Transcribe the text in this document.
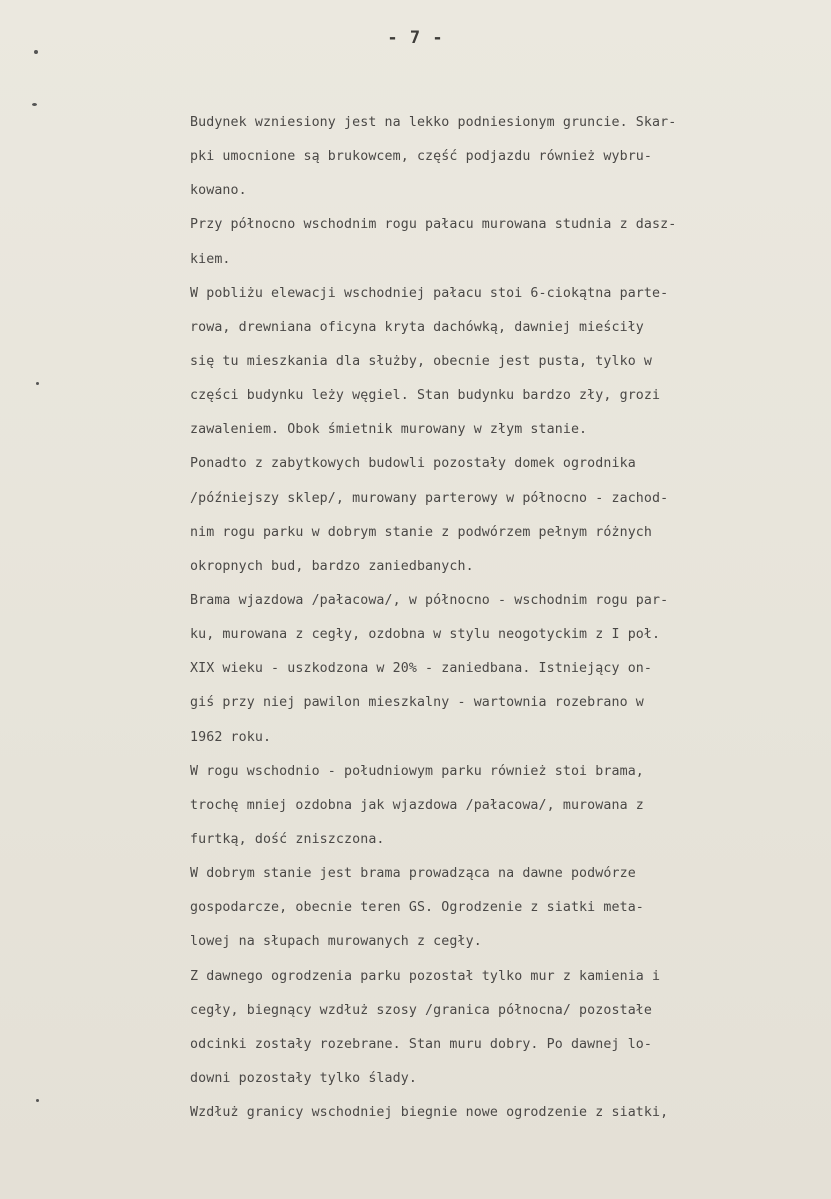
- 7 -
Budynek wzniesiony jest na lekko podniesionym gruncie. Skar-
pki umocnione są brukowcem, część podjazdu również wybru-
kowano.
Przy północno wschodnim rogu pałacu murowana studnia z dasz-
kiem.
W pobliżu elewacji wschodniej pałacu stoi 6-ciokątna parte-
rowa, drewniana oficyna kryta dachówką, dawniej mieściły
się tu mieszkania dla służby, obecnie jest pusta, tylko w
części budynku leży węgiel. Stan budynku bardzo zły, grozi
zawaleniem. Obok śmietnik murowany w złym stanie.
Ponadto z zabytkowych budowli pozostały domek ogrodnika
/późniejszy sklep/, murowany parterowy w północno - zachod-
nim rogu parku w dobrym stanie z podwórzem pełnym różnych
okropnych bud, bardzo zaniedbanych.
Brama wjazdowa /pałacowa/, w północno - wschodnim rogu par-
ku, murowana z cegły, ozdobna w stylu neogotyckim z I poł.
XIX wieku - uszkodzona w 20% - zaniedbana. Istniejący on-
giś przy niej pawilon mieszkalny - wartownia rozebrano w
1962 roku.
W rogu wschodnio - południowym parku również stoi brama,
trochę mniej ozdobna jak wjazdowa /pałacowa/, murowana z
furtką, dość zniszczona.
W dobrym stanie jest brama prowadząca na dawne podwórze
gospodarcze, obecnie teren GS. Ogrodzenie z siatki meta-
lowej na słupach murowanych z cegły.
Z dawnego ogrodzenia parku pozostał tylko mur z kamienia i
cegły, biegnący wzdłuż szosy /granica północna/ pozostałe
odcinki zostały rozebrane. Stan muru dobry. Po dawnej lo-
downi pozostały tylko ślady.
Wzdłuż granicy wschodniej biegnie nowe ogrodzenie z siatki,
